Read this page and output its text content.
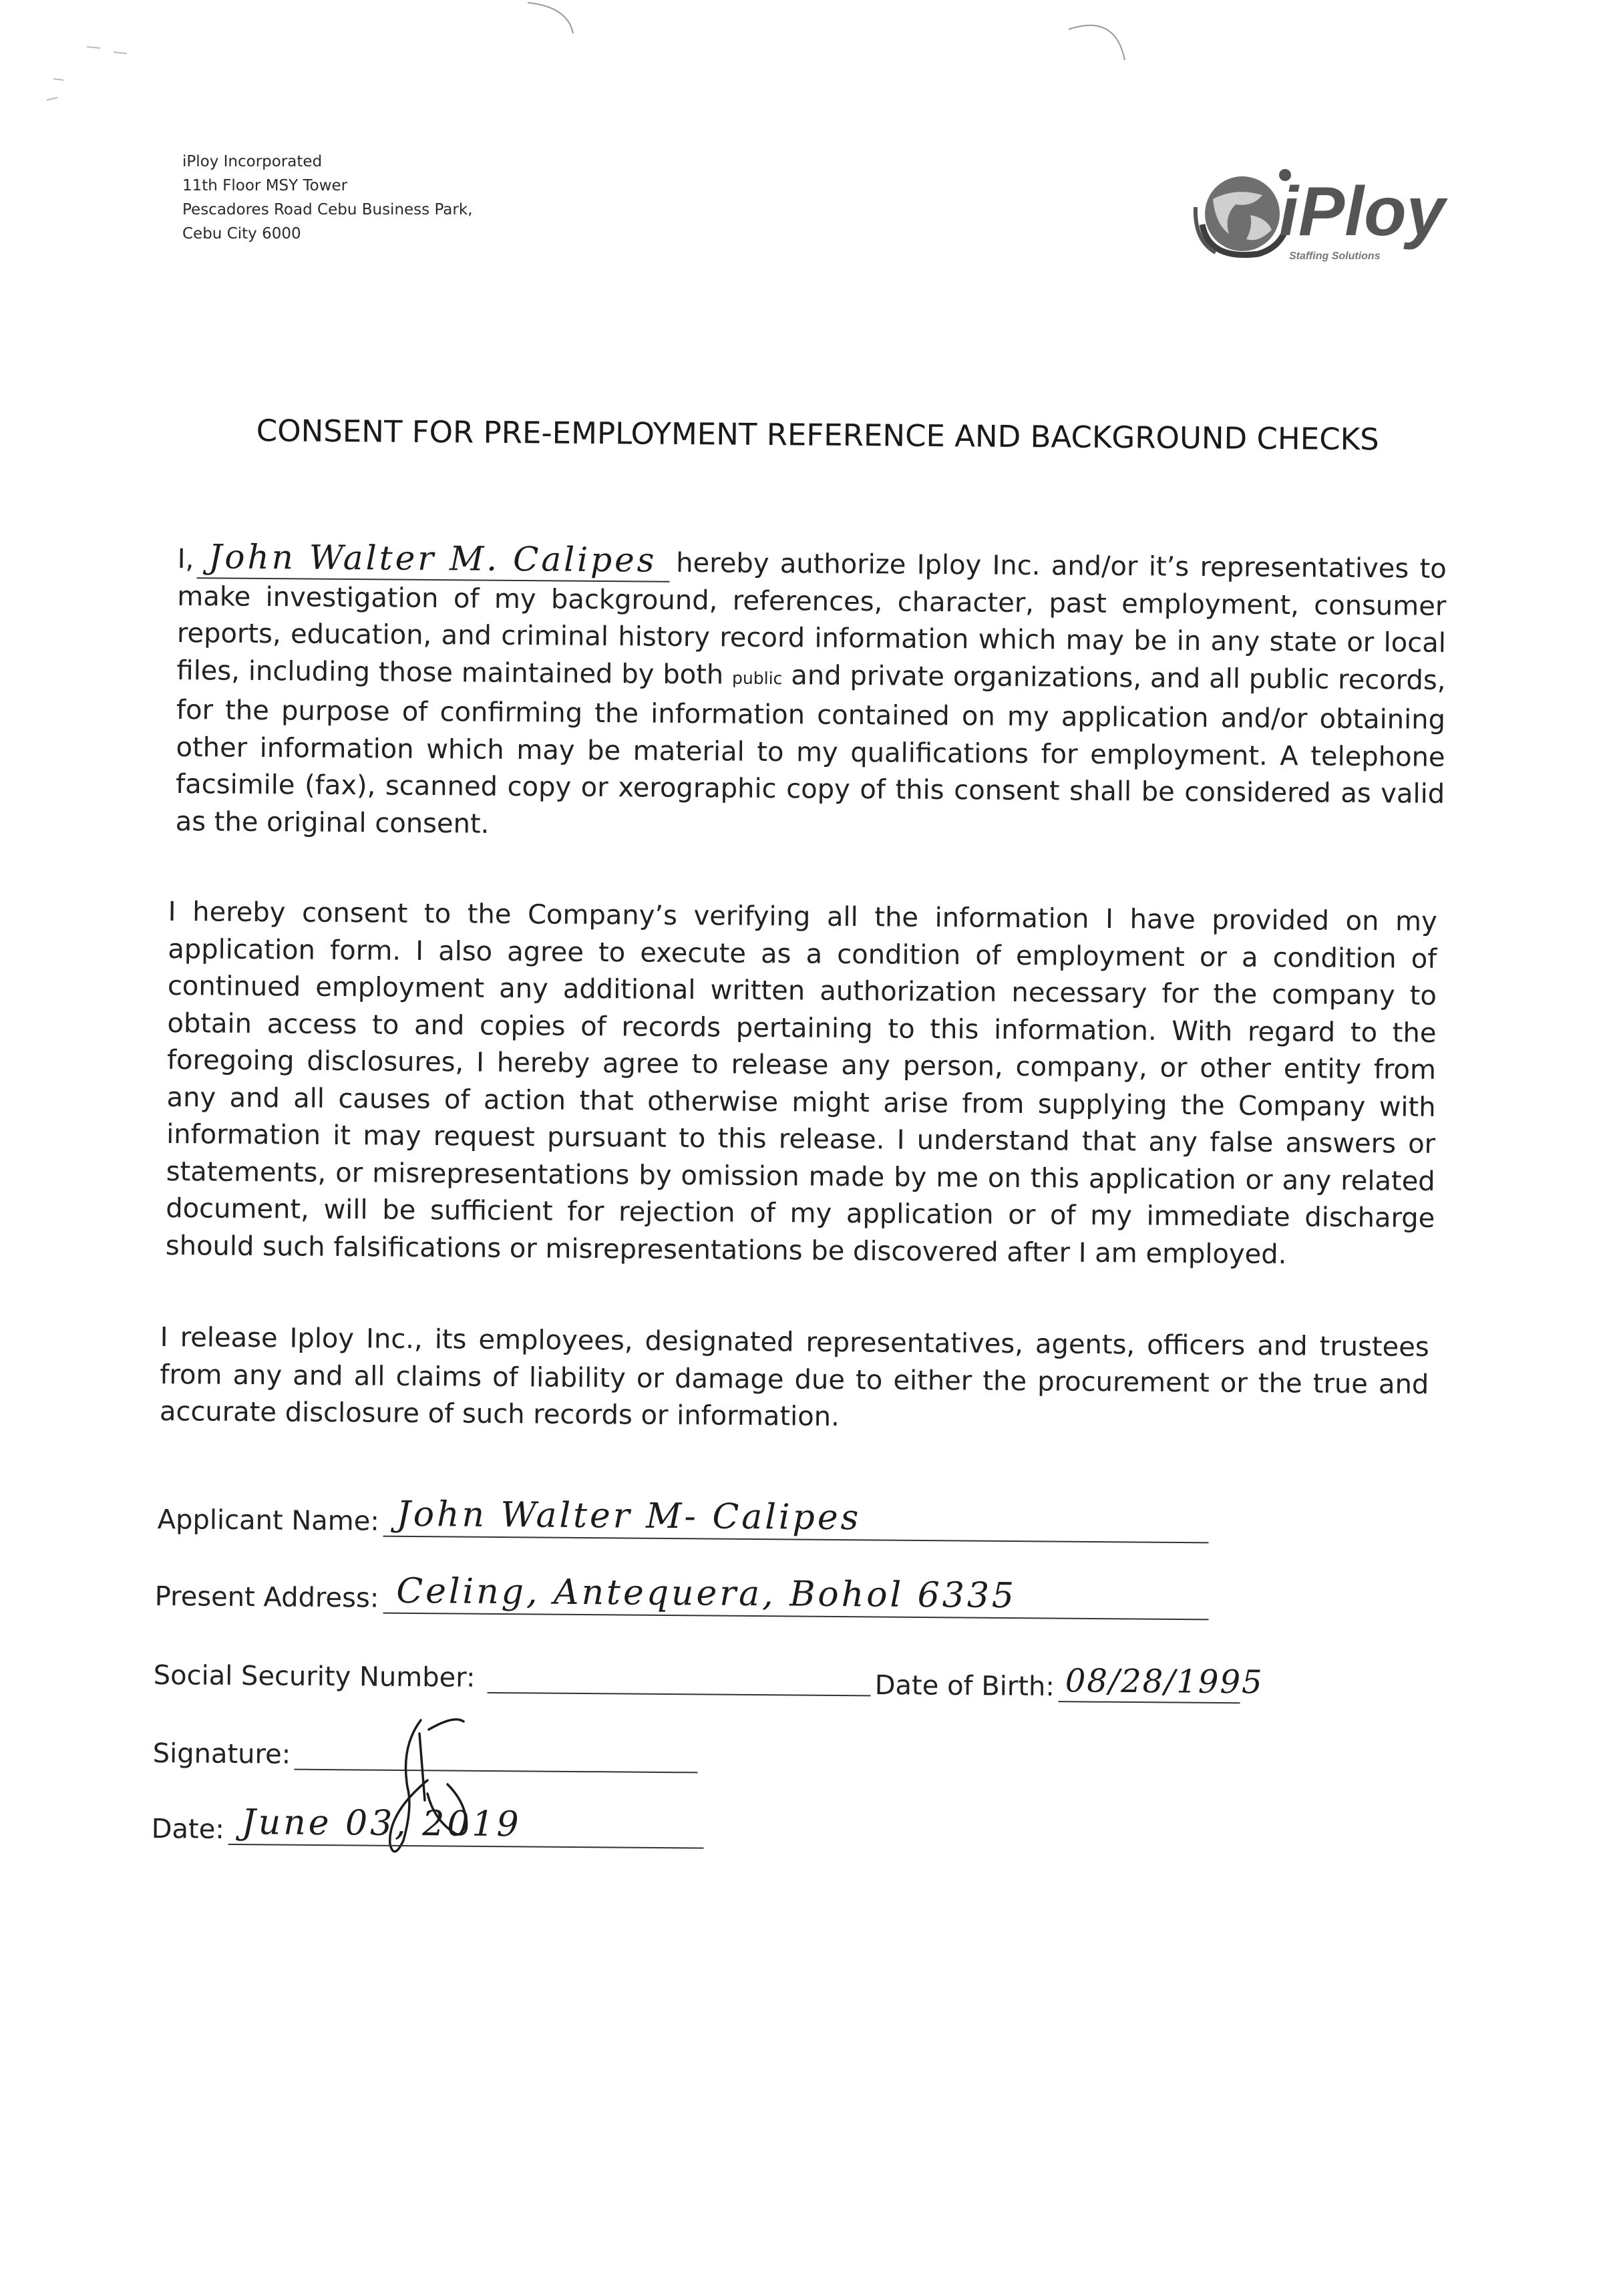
iPloy Incorporated
11th Floor MSY Tower
Pescadores Road Cebu Business Park,
Cebu City 6000	iPloy
Staffing Solutions
CONSENT FOR PRE-EMPLOYMENT REFERENCE AND BACKGROUND CHECKS
I, John Walter M. Calipes hereby authorize Iploy Inc. and/or it’s representatives to make investigation of my background, references, character, past employment, consumer reports, education, and criminal history record information which may be in any state or local files, including those maintained by both public and private organizations, and all public records, for the purpose of confirming the information contained on my application and/or obtaining other information which may be material to my qualifications for employment. A telephone facsimile (fax), scanned copy or xerographic copy of this consent shall be considered as valid as the original consent.
I hereby consent to the Company’s verifying all the information I have provided on my application form. I also agree to execute as a condition of employment or a condition of continued employment any additional written authorization necessary for the company to obtain access to and copies of records pertaining to this information. With regard to the foregoing disclosures, I hereby agree to release any person, company, or other entity from any and all causes of action that otherwise might arise from supplying the Company with information it may request pursuant to this release. I understand that any false answers or statements, or misrepresentations by omission made by me on this application or any related document, will be sufficient for rejection of my application or of my immediate discharge should such falsifications or misrepresentations be discovered after I am employed.
I release Iploy Inc., its employees, designated representatives, agents, officers and trustees from any and all claims of liability or damage due to either the procurement or the true and accurate disclosure of such records or information.
Applicant Name: John Walter M- Calipes
Present Address: Celing, Antequera, Bohol 6335
Social Security Number:	Date of Birth: 08/28/1995
Signature:
Date: June 03, 2019
